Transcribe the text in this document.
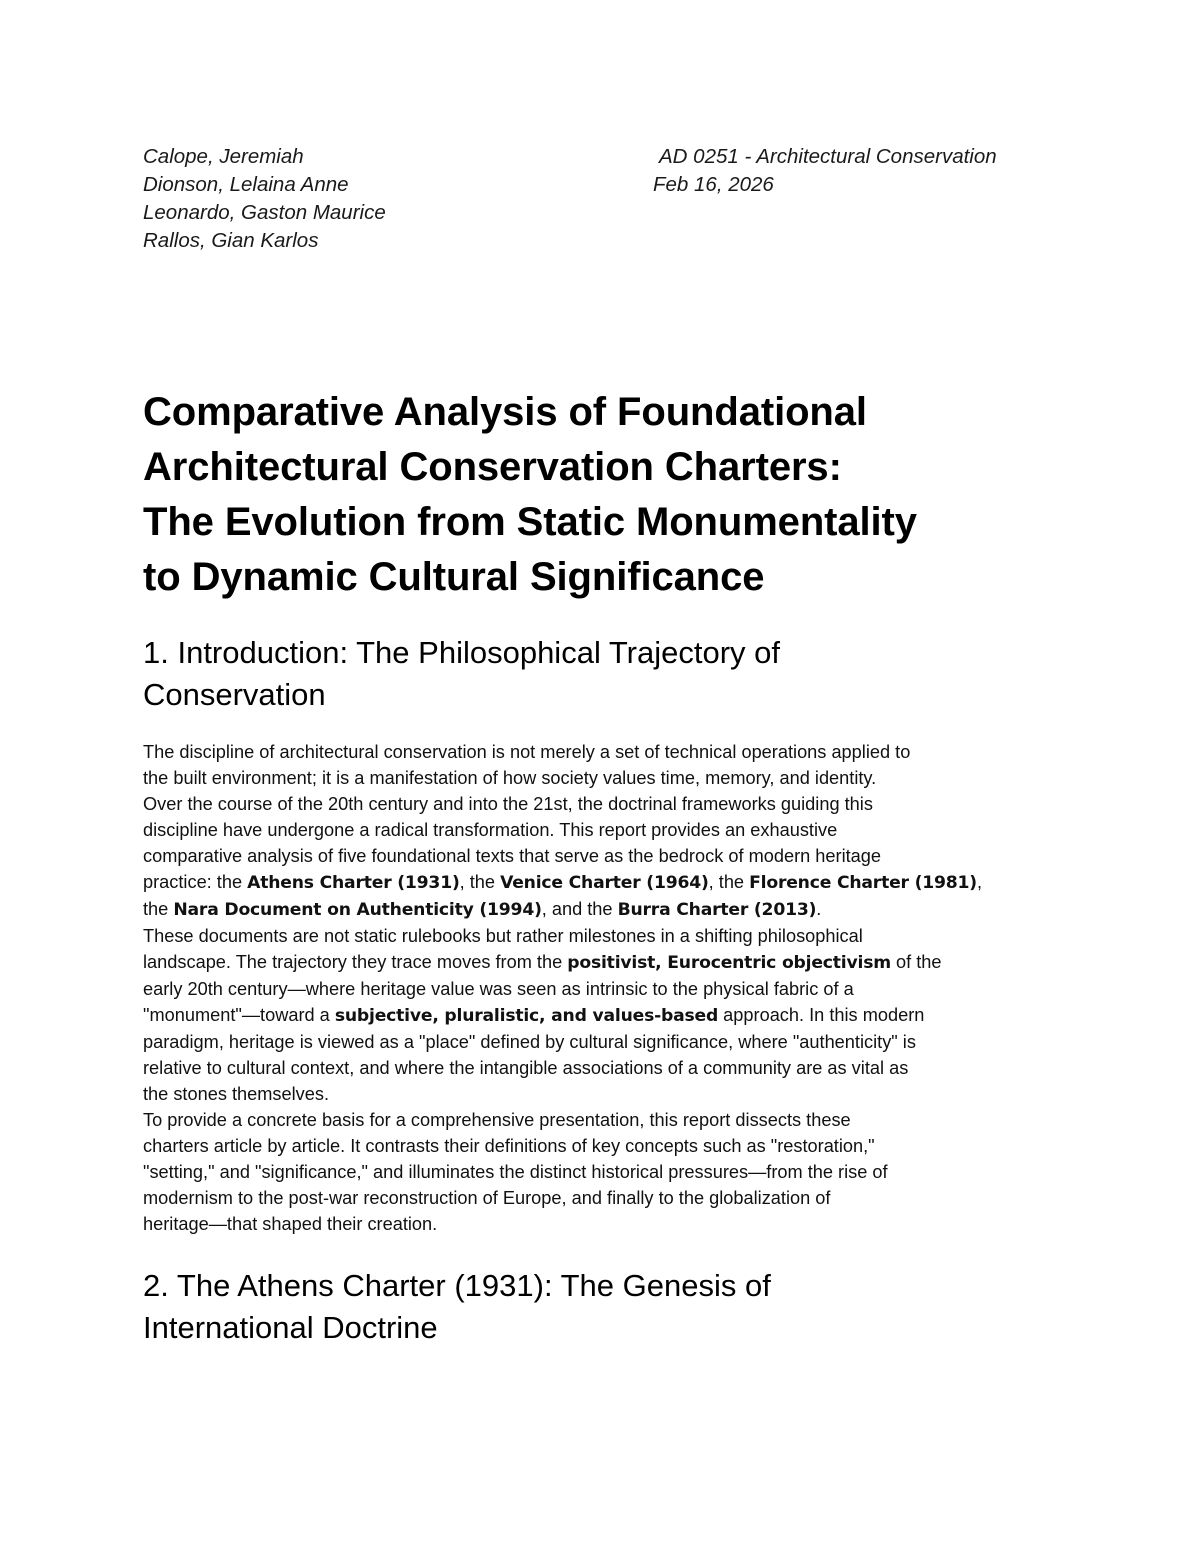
Calope, Jeremiah
Dionson, Lelaina Anne
Leonardo, Gaston Maurice
Rallos, Gian Karlos
AD 0251 - Architectural Conservation
Feb 16, 2026
Comparative Analysis of Foundational
Architectural Conservation Charters:
The Evolution from Static Monumentality
to Dynamic Cultural Significance
1. Introduction: The Philosophical Trajectory of
Conservation
The discipline of architectural conservation is not merely a set of technical operations applied to
the built environment; it is a manifestation of how society values time, memory, and identity.
Over the course of the 20th century and into the 21st, the doctrinal frameworks guiding this
discipline have undergone a radical transformation. This report provides an exhaustive
comparative analysis of five foundational texts that serve as the bedrock of modern heritage
practice: the Athens Charter (1931), the Venice Charter (1964), the Florence Charter (1981),
the Nara Document on Authenticity (1994), and the Burra Charter (2013).
These documents are not static rulebooks but rather milestones in a shifting philosophical
landscape. The trajectory they trace moves from the positivist, Eurocentric objectivism of the
early 20th century—where heritage value was seen as intrinsic to the physical fabric of a
"monument"—toward a subjective, pluralistic, and values-based approach. In this modern
paradigm, heritage is viewed as a "place" defined by cultural significance, where "authenticity" is
relative to cultural context, and where the intangible associations of a community are as vital as
the stones themselves.
To provide a concrete basis for a comprehensive presentation, this report dissects these
charters article by article. It contrasts their definitions of key concepts such as "restoration,"
"setting," and "significance," and illuminates the distinct historical pressures—from the rise of
modernism to the post-war reconstruction of Europe, and finally to the globalization of
heritage—that shaped their creation.
2. The Athens Charter (1931): The Genesis of
International Doctrine
